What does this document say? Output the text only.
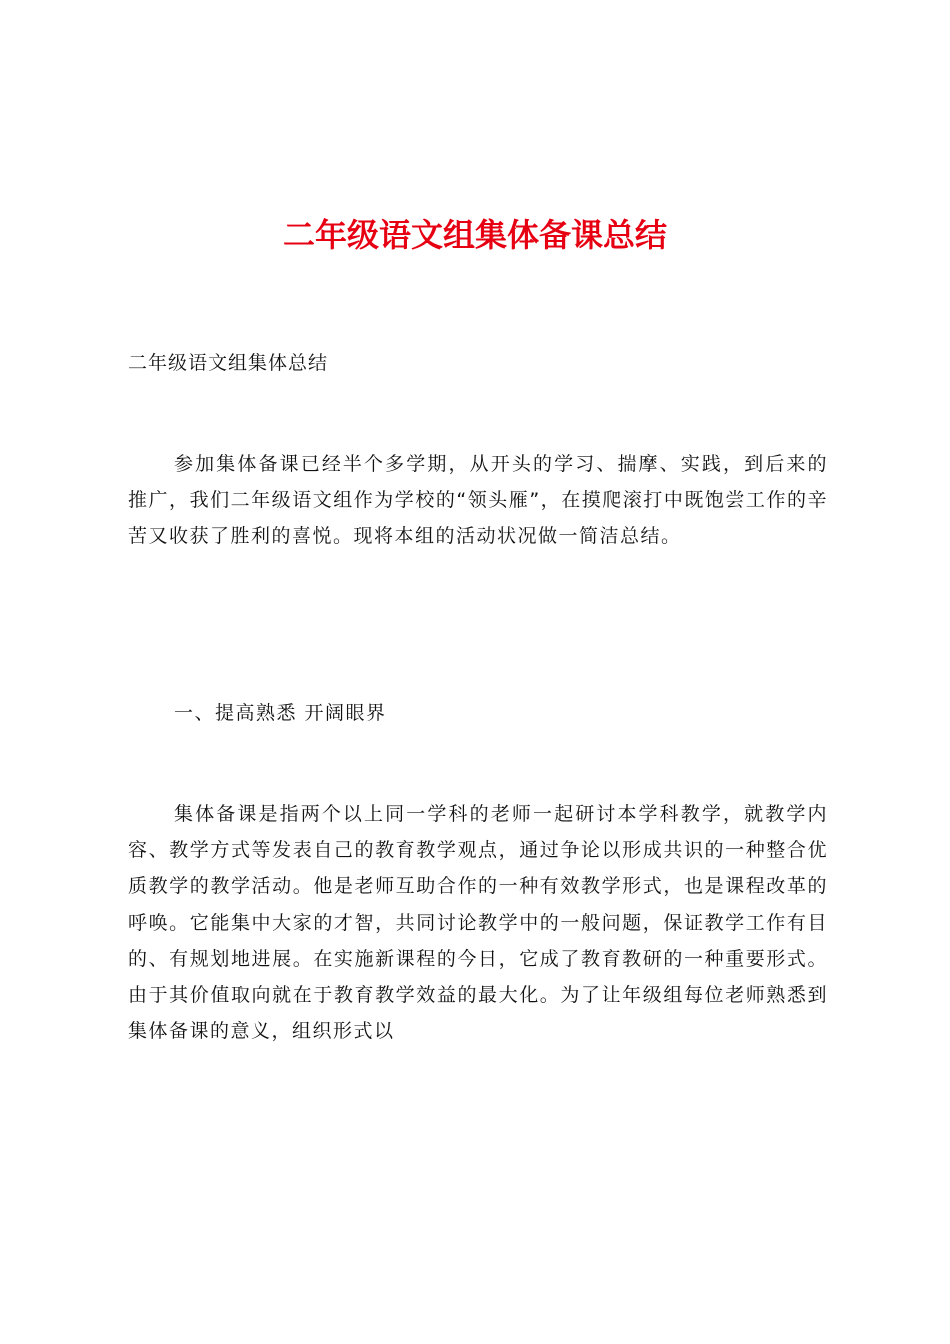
二年级语文组集体备课总结

二年级语文组集体总结

参加集体备课已经半个多学期，从开头的学习、揣摩、实践，到后来的推广，我们二年级语文组作为学校的“领头雁”，在摸爬滚打中既饱尝工作的辛苦又收获了胜利的喜悦。现将本组的活动状况做一简洁总结。

一、提高熟悉 开阔眼界

集体备课是指两个以上同一学科的老师一起研讨本学科教学，就教学内容、教学方式等发表自己的教育教学观点，通过争论以形成共识的一种整合优质教学的教学活动。他是老师互助合作的一种有效教学形式，也是课程改革的呼唤。它能集中大家的才智，共同讨论教学中的一般问题，保证教学工作有目的、有规划地进展。在实施新课程的今日，它成了教育教研的一种重要形式。由于其价值取向就在于教育教学效益的最大化。为了让年级组每位老师熟悉到集体备课的意义，组织形式以
